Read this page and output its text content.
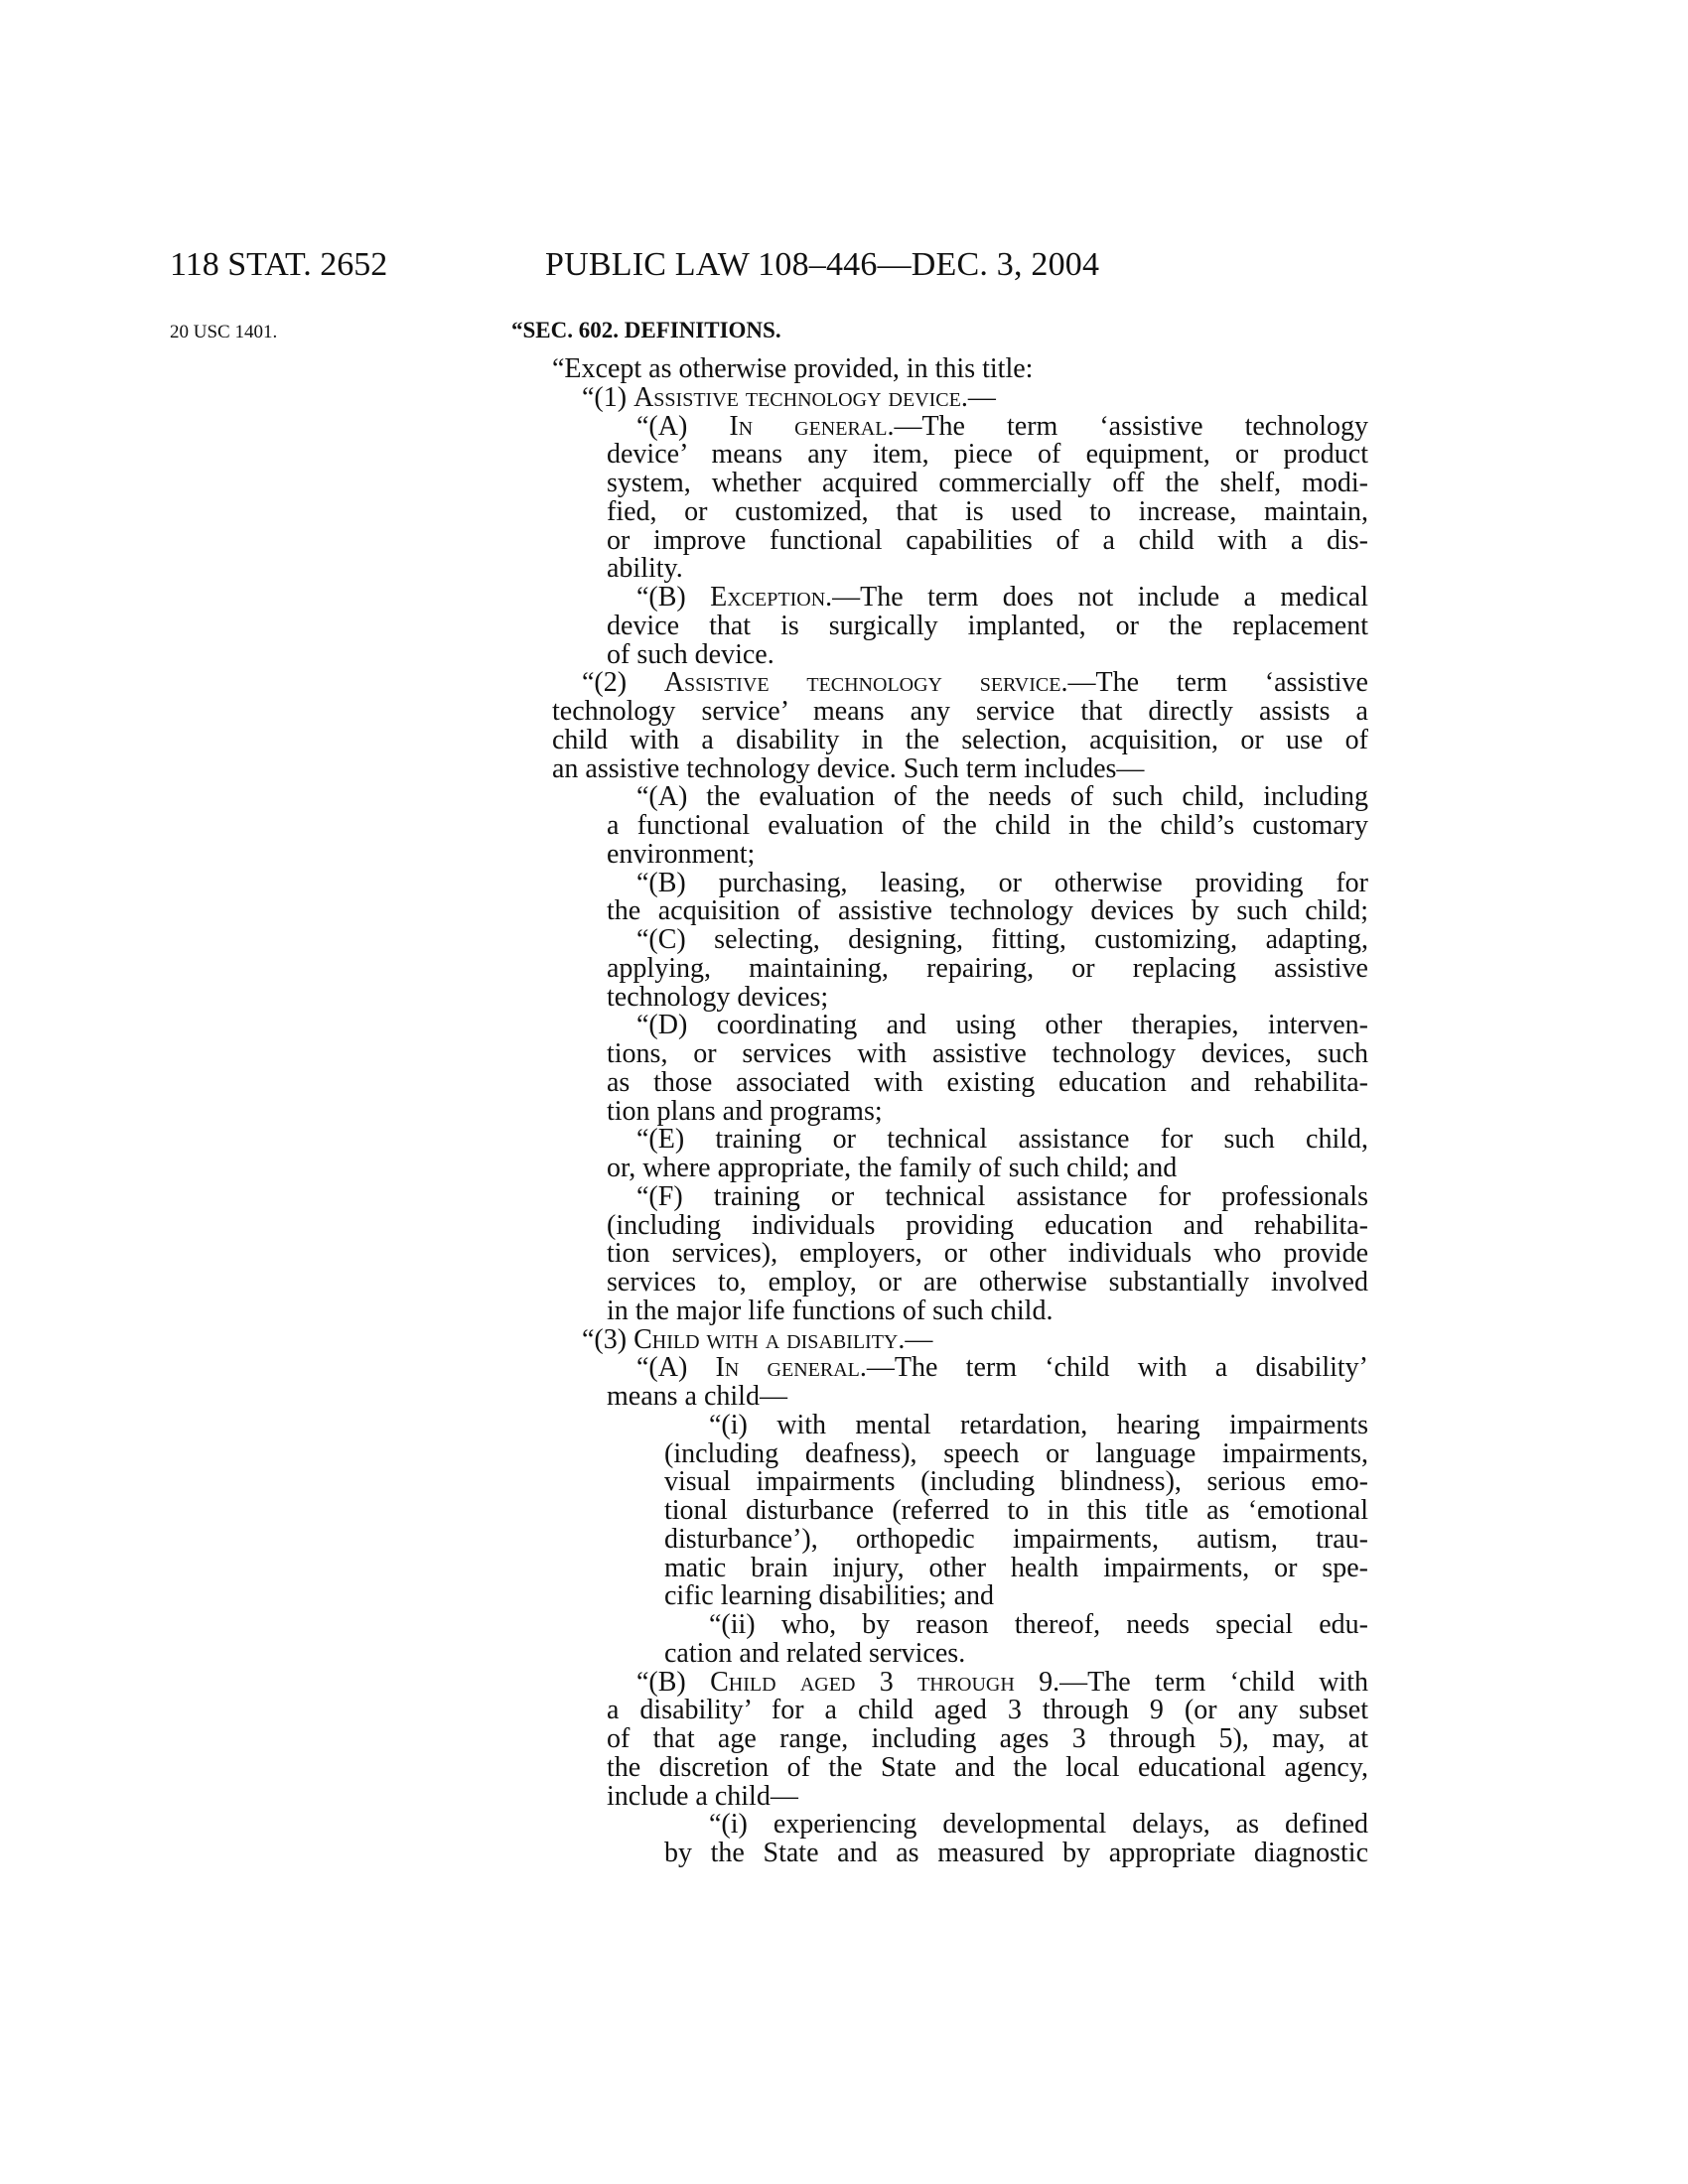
118 STAT. 2652	PUBLIC LAW 108–446—DEC. 3, 2004
20 USC 1401.	“SEC. 602. DEFINITIONS.
“Except as otherwise provided, in this title:
“(1) Assistive technology device.—
“(A) In general.—The term ‘assistive technology
device’ means any item, piece of equipment, or product
system, whether acquired commercially off the shelf, modi-
fied, or customized, that is used to increase, maintain,
or improve functional capabilities of a child with a dis-
ability.
“(B) Exception.—The term does not include a medical
device that is surgically implanted, or the replacement
of such device.
“(2) Assistive technology service.—The term ‘assistive
technology service’ means any service that directly assists a
child with a disability in the selection, acquisition, or use of
an assistive technology device. Such term includes—
“(A) the evaluation of the needs of such child, including
a functional evaluation of the child in the child’s customary
environment;
“(B) purchasing, leasing, or otherwise providing for
the acquisition of assistive technology devices by such child;
“(C) selecting, designing, fitting, customizing, adapting,
applying, maintaining, repairing, or replacing assistive
technology devices;
“(D) coordinating and using other therapies, interven-
tions, or services with assistive technology devices, such
as those associated with existing education and rehabilita-
tion plans and programs;
“(E) training or technical assistance for such child,
or, where appropriate, the family of such child; and
“(F) training or technical assistance for professionals
(including individuals providing education and rehabilita-
tion services), employers, or other individuals who provide
services to, employ, or are otherwise substantially involved
in the major life functions of such child.
“(3) Child with a disability.—
“(A) In general.—The term ‘child with a disability’
means a child—
“(i) with mental retardation, hearing impairments
(including deafness), speech or language impairments,
visual impairments (including blindness), serious emo-
tional disturbance (referred to in this title as ‘emotional
disturbance’), orthopedic impairments, autism, trau-
matic brain injury, other health impairments, or spe-
cific learning disabilities; and
“(ii) who, by reason thereof, needs special edu-
cation and related services.
“(B) Child aged 3 through 9.—The term ‘child with
a disability’ for a child aged 3 through 9 (or any subset
of that age range, including ages 3 through 5), may, at
the discretion of the State and the local educational agency,
include a child—
“(i) experiencing developmental delays, as defined
by the State and as measured by appropriate diagnostic
